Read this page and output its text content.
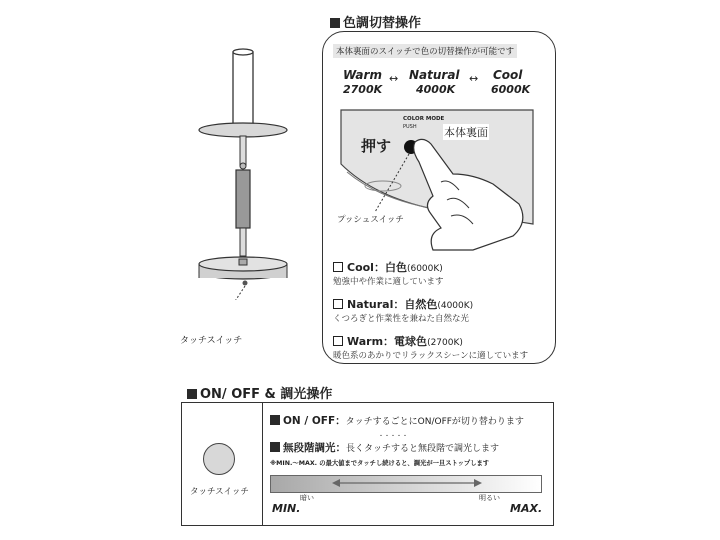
タッチスイッチ
色調切替操作
本体裏面のスイッチで色の切替操作が可能です
Warm
2700K
↔ Natural
4000K
↔ Cool
6000K
COLOR MODE
PUSH
押す
本体裏面
プッシュスイッチ
Cool：白色(6000K)
勉強中や作業に適しています
Natural：自然色(4000K)
くつろぎと作業性を兼ねた自然な光
Warm：電球色(2700K)
暖色系のあかりでリラックスシーンに適しています
ON/ OFF & 調光操作
タッチスイッチ
ON / OFF：タッチするごとにON/OFFが切り替わります
・・・・・
無段階調光：長くタッチすると無段階で調光します
※MIN.～MAX. の最大値までタッチし続けると、調光が一旦ストップします
暗い	明るい
MIN.	MAX.
